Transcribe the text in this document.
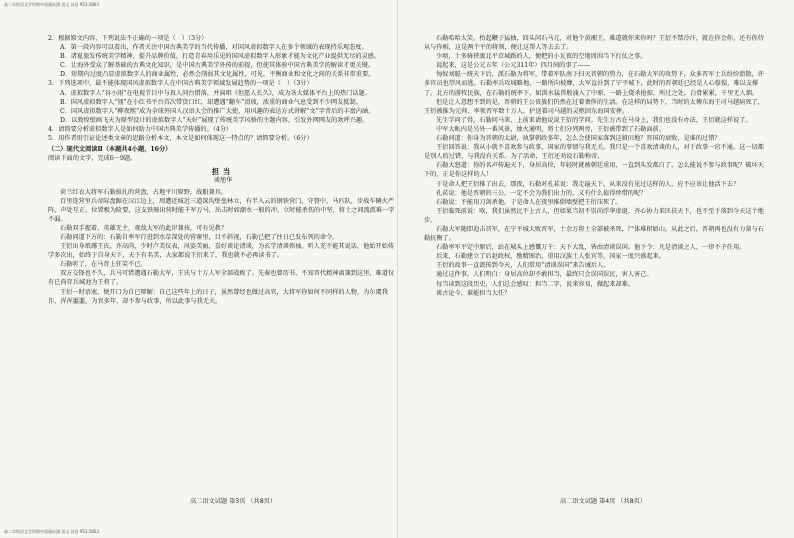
高二年级语文学科期中质量检测 语文 试卷 953,5863

2．根据原文内容，下列说法不正确的一项是（　）（3分）

A．第一段内容可以看出，作者关注中国古典美学的当代传播，对国风虚拟数字人在多个领域的表现持乐观态度。

B．诸夏旅发传统美学精神，提升品牌价值，打造青春用乐见的国风虚拟数字人形象才能为文化产业提供无尽的灵感。

C．让海外受众了解基础的古典文化知识，是中国古典美学外传的前提，但使其体验中国古典美学的解读才更关键。

D．短期内过度凸显虚拟数字人的商业属性，必然会削弱其文化属性，可见，平衡商业和文化之间的关系非常重要。

3．下列选项中，最不能体现国风虚拟数字人在中国古典美学领域发展趋势的一项是（　）（3分）

A．虚拟数字人“谷小雨”在电视节目中与真人同台错落，并演唱《但愿人长久》，成为各大媒体平台上的热门话题。

B．国风虚拟数字人“翎”在小红书平台首次带货口红，却遭遇“翻车”滑坡，浓重的商业气息受到不少网友抵制。

C．国风虚拟数字人“柳夜熙”成为全球外国人汉语大会的推广大使，用风趣的表达方式讲解“文”字背后的丰富内涵。

D．以敦煌壁画飞天为原型设计的虚拟数字人“天好”展现了传统美学风格的主题内容，引发外网网友的欢呼兴趣。

4．请简要分析虚拟数字人是如何助力中国古典美学传播的。（4分）

5．用作者用引证论述类文章的思路分析本文，本文是如何体现这一特点的？请简要分析。（6分）

（二）现代文阅读Ⅱ（本题共4小题，16分）

阅读下面的文字，完成6～9题。

担当

谈旭华

荷兰红衣大将军石勒拔扎的营盘，占地平川原野，战船兼具。

百里连营里兵帝际盘踞在汉江边上，周遭近城近三道深沟壁垒林立，有半入云的钢铁营门，守督中，马匹队，步战车辆火严阵，声处互正，位置极为险要，这支铁骑出营时能千军万马，出击时如潮水一般的冲。立时能杀伤的中坚，将士之间流派难一字不漏。

石勒双手握着。英雄无主，观敌大军的此岸兼孩，可有见教？

石勒问道下方的：石勒自率军行进到水草深处的营寨里，目不斜视，石勒已把了往日已发布列的命令。

王衍出身琅琊王氏，齐高尚，少时卢美仪表，风姿美丽，喜好谈论清谈，为玄学清谈领袖。听人充不能其说话，他始开始传学多次出，始终于自身天下，天下有名美，大家都说王衍来了，我也就不必再读书了。

石勒听了，在马背上狂笑不已。

双方交锋也不久，兵马可惜遭遇石勒大军，王氏与十万人军全部战败了。先秦也曾历书，不知晋代精神离兼到这里，难道仅有已尚存兵城池为王将了。

王衍一时语塞，便开口为自已辩解：自己这些年上的日子，虽然曾经也做过高官，大将军你如何不同样的人物，为尔虞我诈、浑浑噩噩，为官多年，却不参与政事，所以此事与我无关。

石勒哈哈大笑，抬起鞭子猛抽，回头问石马元，对他个黄湘王，难道就你来你吗？王衍不禁冷汗，就在你会你，还有你侍从与你相，这是两个平的将领，便让这帮人等去去了。

少顷，十多骑挟裹北平京城路的人，便把的小瓦夜的空地周围当下打仗之事。

说起来，这是公元五年（公元311年）四月间的事了——

匈奴刘聪一统天下后，派石勒为将军，带着军队南下扫灭晋朝的势力，在石勒大军的攻势下，众多晋军士兵纷纷溃散，许多官员也望风而逃。石勒率兵攻城略地，一路所向披靡，大军直扑到了宁平城下，此时的晋朝廷已经是人心惶惶，难以支撑了。北方的游牧民族，在石勒的统率下，如洪水猛兽般涌入了中原，一路上烧杀抢掠，所过之处，白骨累累，千里无人烟。

但是让人意想不到的是，晋朝的王公贵族们仍然在过着奢侈的生活。在这样的局势下，当时的太傅东海王司马越病死了，王衍被推为元帅，率领晋军数十万人，护送着司马越的灵柩回东海国安葬。

先生学问了得，石勒问马来，上前来请他说说王衍的学问。先生万古在马身上，我们也没有办法，王衍就这样说了。

中军大帐内是另外一番风景，烛火通明，将士们分列两旁，王衍被带到了石勒面前。

石勒问道：你身为晋朝的太尉，执掌朝政多年，怎么会使国家落到这般田地？晋国的衰败，是谁的过错？

王衍回答说：我从小就不喜欢参与政事，国家的事情与我无关。我只是一个喜欢清谈的人，对于政事一窍不通。这一切都是别人的过错，与我没有关系。为了活命，王衍还劝说石勒称帝。

石勒大怒道：你的名声传遍天下，身居高位，年轻时就被朝廷重用，一直到头发都白了，怎么能说不参与政事呢？破坏天下的，正是你这样的人！

于是命人把王衍推了出去，那夜，石勒对孔苌说：我走遍天下，从来没有见过这样的人，应不应该让他活下去？

孔苌说：他是晋朝的三公，一定不会为我们出力的，又有什么值得珍惜的呢？

石勒说：不能用刀剑杀他。于是命人在夜里推倒墙壁把王衍压死了。

王衍临死前说：唉，我们虽然比不上古人，但如果当初不崇尚浮华虚诞，齐心协力来匡扶天下，也不至于落到今天这个地步。

石勒大军随即追击晋军，在宁平城大败晋军，十余万将士全部被杀死，尸体堆积如山。从此之后，晋朝再也没有力量与石勒抗衡了。

石勒率军平定中原后，站在城头上感慨万千：天下大乱，皆由清谈误国。他下令：凡是清谈之人，一律不予任用。

后来，石勒建立了后赵政权，励精图治，重用汉族士人张宾等，国家一度兴盛起来。

王衍的故事一直流传到今天，人们常用“清谈误国”来告诫后人。

通过这件事，人们明白：身居高位却不敢担当，最终只会误国误民，害人害己。

每当读到这段历史，人们总会感叹：担当二字，说来容易，做起来却难。

谈古论今，谁能担当大任？

高二语文试题 第3页 （共8页）	高二语文试题 第4页 （共8页）
高二年级语文学科期中质量检测 语文 试卷 953,5863
